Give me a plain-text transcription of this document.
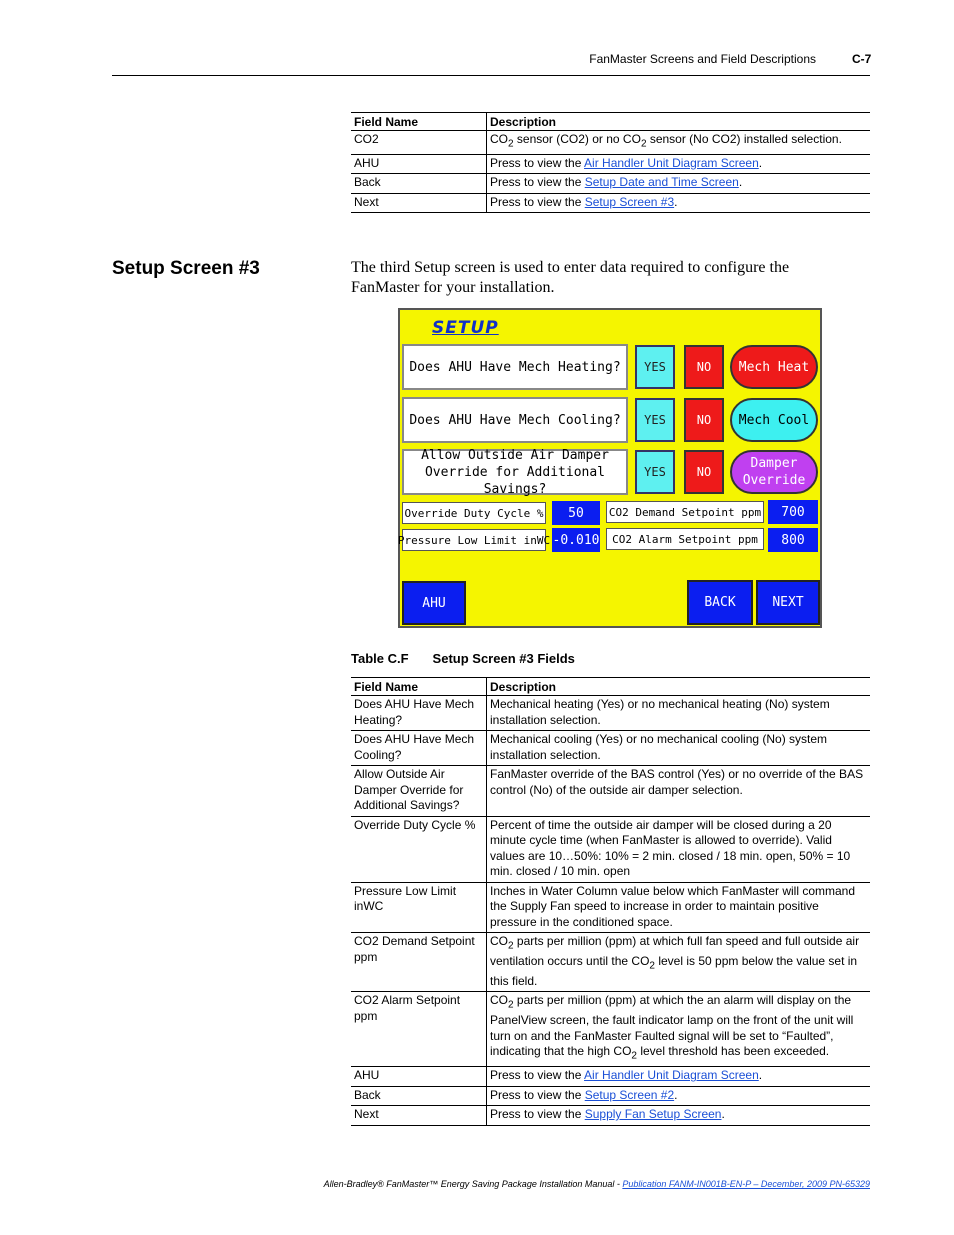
FanMaster Screens and Field Descriptions	C-7
Field Name	Description
CO2	$CO_2$ sensor (CO2) or no $CO_2$ sensor (No CO2) installed selection.
AHU	Press to view the Air Handler Unit Diagram Screen.
Back	Press to view the Setup Date and Time Screen.
Next	Press to view the Setup Screen #3.
Setup Screen #3	The third Setup screen is used to enter data required to configure the FanMaster for your installation.
SETUP
Does AHU Have Mech Heating?	YES	NO	Mech Heat
Does AHU Have Mech Cooling?	YES	NO	Mech Cool
Allow Outside Air Damper Override for Additional Savings?
YES	NO
Damper Override
Override Duty Cycle %	50	CO2 Demand Setpoint ppm	700
Pressure Low Limit inWC -0.010	CO2 Alarm Setpoint ppm	800
AHU	BACK	NEXT
Table C.F Setup Screen #3 Fields
Field Name	Description
Does AHU Have Mech Heating?	Mechanical heating (Yes) or no mechanical heating (No) system installation selection.
Does AHU Have Mech Cooling?	Mechanical cooling (Yes) or no mechanical cooling (No) system installation selection.
Allow Outside Air Damper Override for Additional Savings?	FanMaster override of the BAS control (Yes) or no override of the BAS control (No) of the outside air damper selection.
Override Duty Cycle %	Percent of time the outside air damper will be closed during a 20 minute cycle time (when FanMaster is allowed to override). Valid values are 10…50%: 10% = 2 min. closed / 18 min. open, 50% = 10 min. closed / 10 min. open
Pressure Low Limit inWC	Inches in Water Column value below which FanMaster will command the Supply Fan speed to increase in order to maintain positive pressure in the conditioned space.
CO2 Demand Setpoint ppm	$CO_2$ parts per million (ppm) at which full fan speed and full outside air ventilation occurs until the $CO_2$ level is 50 ppm below the value set in this field.
CO2 Alarm Setpoint ppm	$CO_2$ parts per million (ppm) at which the an alarm will display on the PanelView screen, the fault indicator lamp on the front of the unit will turn on and the FanMaster Faulted signal will be set to “Faulted”, indicating that the high $CO_2$ level threshold has been exceeded.
AHU	Press to view the Air Handler Unit Diagram Screen.
Back	Press to view the Setup Screen #2.
Next	Press to view the Supply Fan Setup Screen.
Allen-Bradley® FanMaster™ Energy Saving Package Installation Manual - Publication FANM-IN001B-EN-P – December, 2009 PN-65329
